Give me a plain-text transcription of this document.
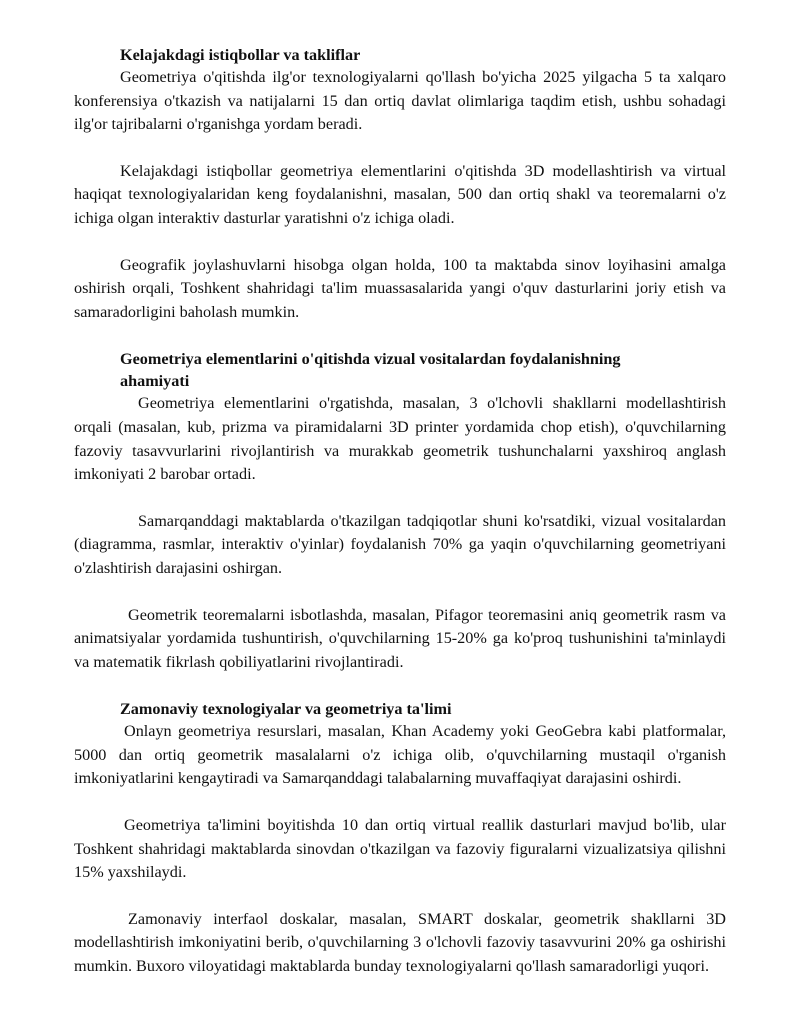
Kelajakdagi istiqbollar va takliflar

Geometriya o'qitishda ilg'or texnologiyalarni qo'llash bo'yicha 2025 yilgacha 5 ta xalqaro konferensiya o'tkazish va natijalarni 15 dan ortiq davlat olimlariga taqdim etish, ushbu sohadagi ilg'or tajribalarni o'rganishga yordam beradi.

Kelajakdagi istiqbollar geometriya elementlarini o'qitishda 3D modellashtirish va virtual haqiqat texnologiyalaridan keng foydalanishni, masalan, 500 dan ortiq shakl va teoremalarni o'z ichiga olgan interaktiv dasturlar yaratishni o'z ichiga oladi.

Geografik joylashuvlarni hisobga olgan holda, 100 ta maktabda sinov loyihasini amalga oshirish orqali, Toshkent shahridagi ta'lim muassasalarida yangi o'quv dasturlarini joriy etish va samaradorligini baholash mumkin.

Geometriya elementlarini o'qitishda vizual vositalardan foydalanishning ahamiyati

Geometriya elementlarini o'rgatishda, masalan, 3 o'lchovli shakllarni modellashtirish orqali (masalan, kub, prizma va piramidalarni 3D printer yordamida chop etish), o'quvchilarning fazoviy tasavvurlarini rivojlantirish va murakkab geometrik tushunchalarni yaxshiroq anglash imkoniyati 2 barobar ortadi.

Samarqanddagi maktablarda o'tkazilgan tadqiqotlar shuni ko'rsatdiki, vizual vositalardan (diagramma, rasmlar, interaktiv o'yinlar) foydalanish 70% ga yaqin o'quvchilarning geometriyani o'zlashtirish darajasini oshirgan.

Geometrik teoremalarni isbotlashda, masalan, Pifagor teoremasini aniq geometrik rasm va animatsiyalar yordamida tushuntirish, o'quvchilarning 15-20% ga ko'proq tushunishini ta'minlaydi va matematik fikrlash qobiliyatlarini rivojlantiradi.

Zamonaviy texnologiyalar va geometriya ta'limi

Onlayn geometriya resurslari, masalan, Khan Academy yoki GeoGebra kabi platformalar, 5000 dan ortiq geometrik masalalarni o'z ichiga olib, o'quvchilarning mustaqil o'rganish imkoniyatlarini kengaytiradi va Samarqanddagi talabalarning muvaffaqiyat darajasini oshirdi.

Geometriya ta'limini boyitishda 10 dan ortiq virtual reallik dasturlari mavjud bo'lib, ular Toshkent shahridagi maktablarda sinovdan o'tkazilgan va fazoviy figuralarni vizualizatsiya qilishni 15% yaxshilaydi.

Zamonaviy interfaol doskalar, masalan, SMART doskalar, geometrik shakllarni 3D modellashtirish imkoniyatini berib, o'quvchilarning 3 o'lchovli fazoviy tasavvurini 20% ga oshirishi mumkin. Buxoro viloyatidagi maktablarda bunday texnologiyalarni qo'llash samaradorligi yuqori.
